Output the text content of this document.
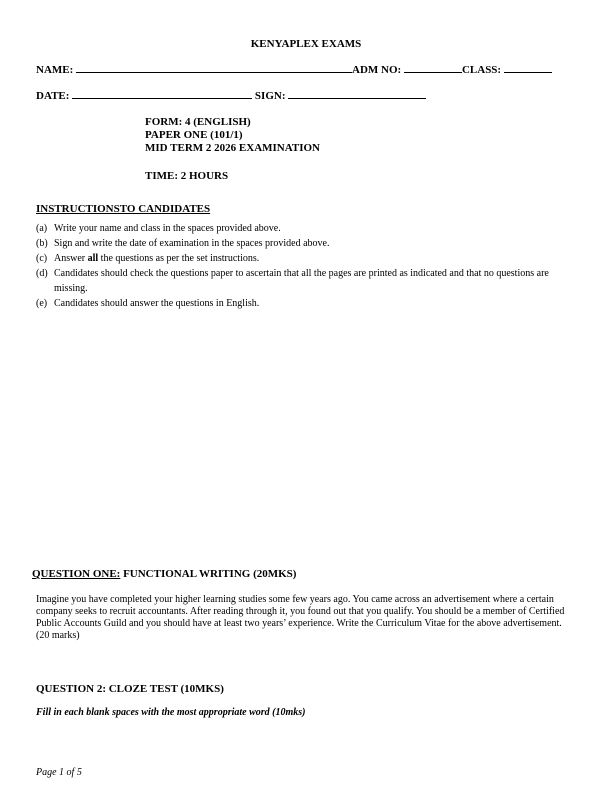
KENYAPLEX EXAMS
NAME:	ADM NO:	CLASS:
DATE:	SIGN:
FORM: 4 (ENGLISH)
PAPER ONE (101/1)
MID TERM 2 2026 EXAMINATION
TIME: 2 HOURS
INSTRUCTIONSTO CANDIDATES
(a) Write your name and class in the spaces provided above.
(b) Sign and write the date of examination in the spaces provided above.
(c) Answer all the questions as per the set instructions.
(d) Candidates should check the questions paper to ascertain that all the pages are printed as indicated and that no questions are missing.
(e) Candidates should answer the questions in English.
QUESTION ONE: FUNCTIONAL WRITING (20MKS)
Imagine you have completed your higher learning studies some few years ago. You came across an advertisement where a certain company seeks to recruit accountants. After reading through it, you found out that you qualify. You should be a member of Certified Public Accounts Guild and you should have at least two years’ experience. Write the Curriculum Vitae for the above advertisement. (20 marks)
QUESTION 2: CLOZE TEST (10MKS)
Fill in each blank spaces with the most appropriate word (10mks)
Page 1 of 5
